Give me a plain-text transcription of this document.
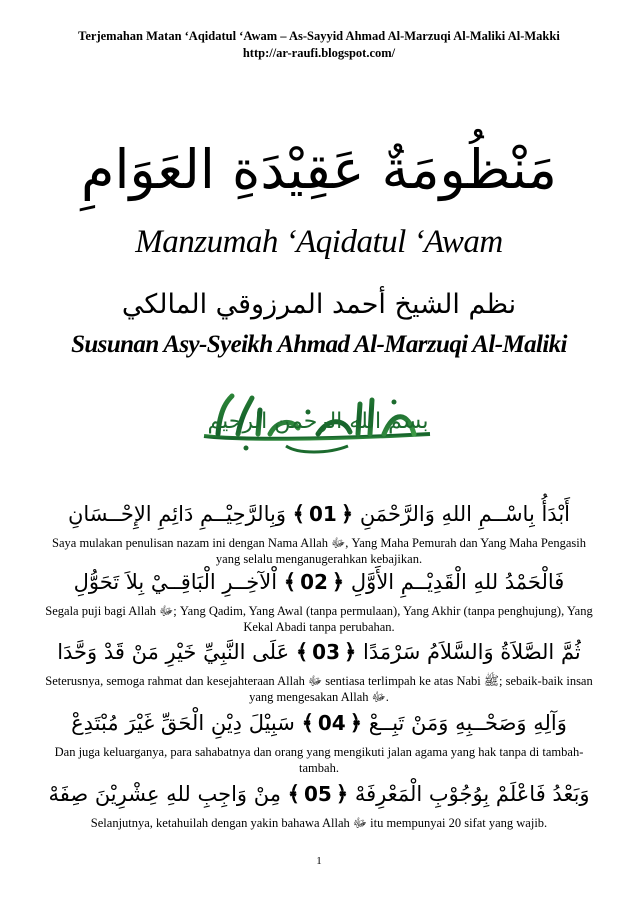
Terjemahan Matan ‘Aqidatul ‘Awam – As-Sayyid Ahmad Al-Marzuqi Al-Maliki Al-Makki
http://ar-raufi.blogspot.com/
مَنْظُومَةٌ عَقِيْدَةِ العَوَامِ
Manzumah ‘Aqidatul ‘Awam
نظم الشيخ أحمد المرزوقي المالكي
Susunan Asy-Syeikh Ahmad Al-Marzuqi Al-Maliki
بسم الله الرحمن الرحيم
أَبْدَأُ بِاسْــمِ اللهِ وَالرَّحْمَنِ ﴿01﴾ وَبِالرَّحِيْــمِ دَائِمِ الإِحْــسَانِ
Saya mulakan penulisan nazam ini dengan Nama Allah ﷻ, Yang Maha Pemurah dan Yang Maha Pengasih yang selalu menganugerahkan kebajikan.
فَالْحَمْدُ للهِ الْقَدِيْــمِ الأَوَّلِ ﴿02﴾ اْلآخِــرِ الْبَاقِــيْ بِلاَ تَحَوُّلِ
Segala puji bagi Allah ﷻ; Yang Qadim, Yang Awal (tanpa permulaan), Yang Akhir (tanpa penghujung), Yang Kekal Abadi tanpa perubahan.
ثُمَّ الصَّلاَةُ وَالسَّلاَمُ سَرْمَدًا ﴿03﴾ عَلَى النَّبِيِّ خَيْرِ مَنْ قَدْ وَحَّدَا
Seterusnya, semoga rahmat dan kesejahteraan Allah ﷻ sentiasa terlimpah ke atas Nabi ﷺ; sebaik-baik insan yang mengesakan Allah ﷻ.
وَآلِهِ وَصَحْــبِهِ وَمَنْ تَبِــعْ ﴿04﴾ سَبِيْلَ دِيْنِ الْحَقِّ غَيْرَ مُبْتَدِعْ
Dan juga keluarganya, para sahabatnya dan orang yang mengikuti jalan agama yang hak tanpa di tambah-tambah.
وَبَعْدُ فَاعْلَمْ بِوُجُوْبِ الْمَعْرِفَهْ ﴿05﴾ مِنْ وَاجِبِ للهِ عِشْرِيْنَ صِفَهْ
Selanjutnya, ketahuilah dengan yakin bahawa Allah ﷻ itu mempunyai 20 sifat yang wajib.
1
